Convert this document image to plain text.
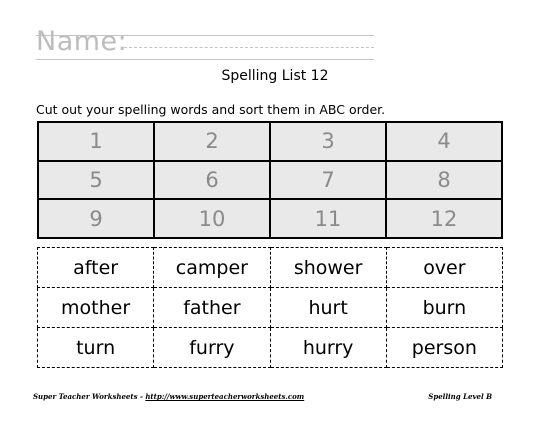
Name:
Spelling List 12
Cut out your spelling words and sort them in ABC order.
1	2	3	4
5	6	7	8
9	10	11	12
after	camper	shower	over
mother	father	hurt	burn
turn	furry	hurry	person
Super Teacher Worksheets - http://www.superteacherworksheets.com	Spelling Level B
